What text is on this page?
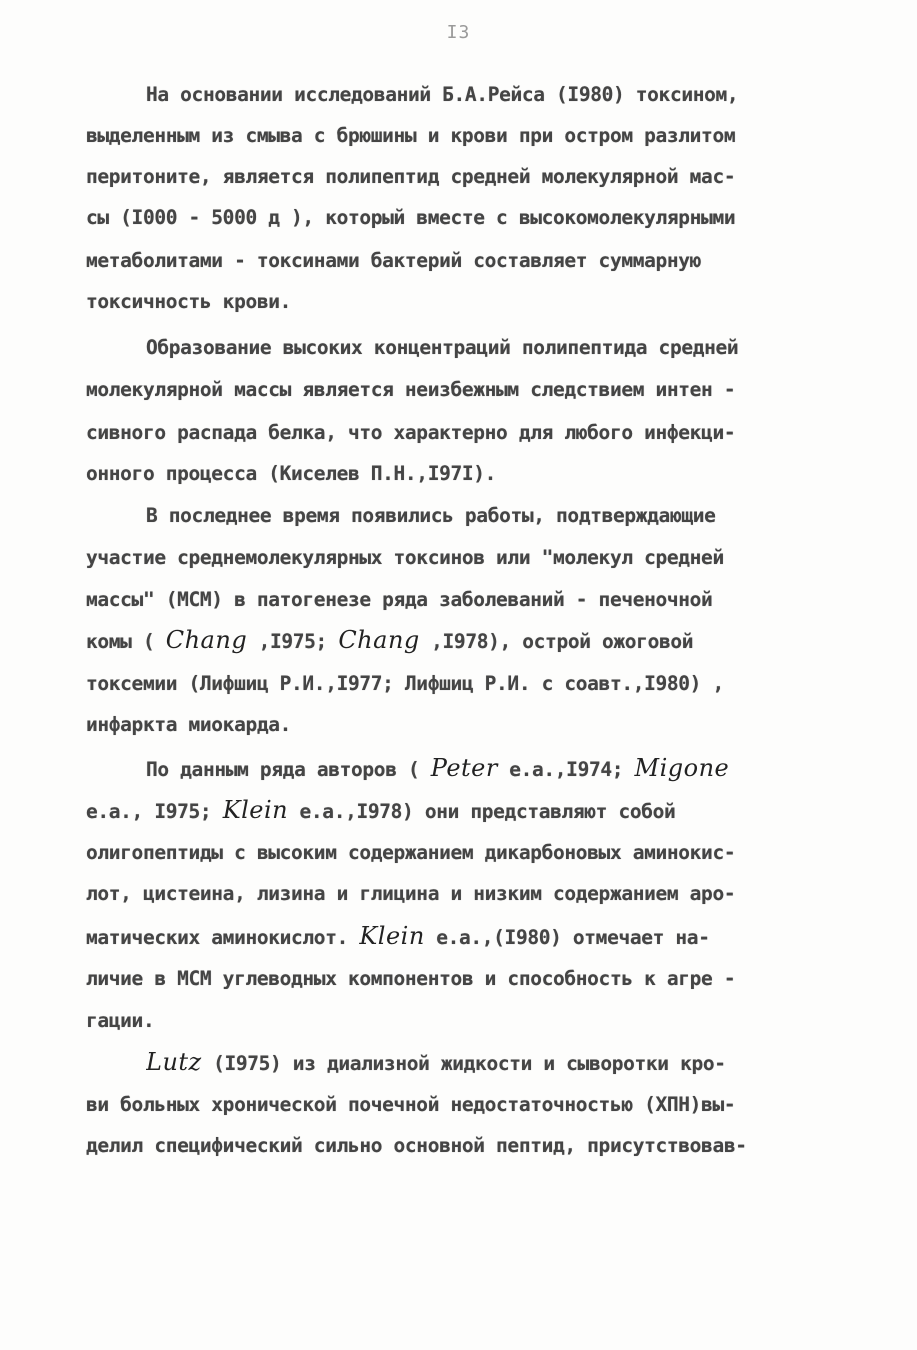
I3
На основании исследований Б.А.Рейса (I980) токсином,
выделенным из смыва с брюшины и крови при остром разлитом
перитоните, является полипептид средней молекулярной мас-
сы (I000 - 5000 д ), который вместе с высокомолекулярными
метаболитами - токсинами бактерий составляет суммарную
токсичность крови.
Образование высоких концентраций полипептида средней
молекулярной массы является неизбежным следствием интен -
сивного распада белка, что характерно для любого инфекци-
онного процесса (Киселев П.Н.,I97I).
В последнее время появились работы, подтверждающие
участие среднемолекулярных токсинов или "молекул средней
массы" (МСМ) в патогенезе ряда заболеваний - печеночной
комы ( Chang ,I975; Chang ,I978), острой ожоговой
токсемии (Лифшиц Р.И.,I977; Лифшиц Р.И. с соавт.,I980) ,
инфаркта миокарда.
По данным ряда авторов ( Peter e.a.,I974; Migone
e.a., I975; Klein e.a.,I978) они представляют собой
олигопептиды с высоким содержанием дикарбоновых аминокис-
лот, цистеина, лизина и глицина и низким содержанием аро-
матических аминокислот. Klein e.a.,(I980) отмечает на-
личие в МСМ углеводных компонентов и способность к агре -
гации.
Lutz (I975) из диализной жидкости и сыворотки кро-
ви больных хронической почечной недостаточностью (ХПН)вы-
делил специфический сильно основной пептид, присутствовав-
